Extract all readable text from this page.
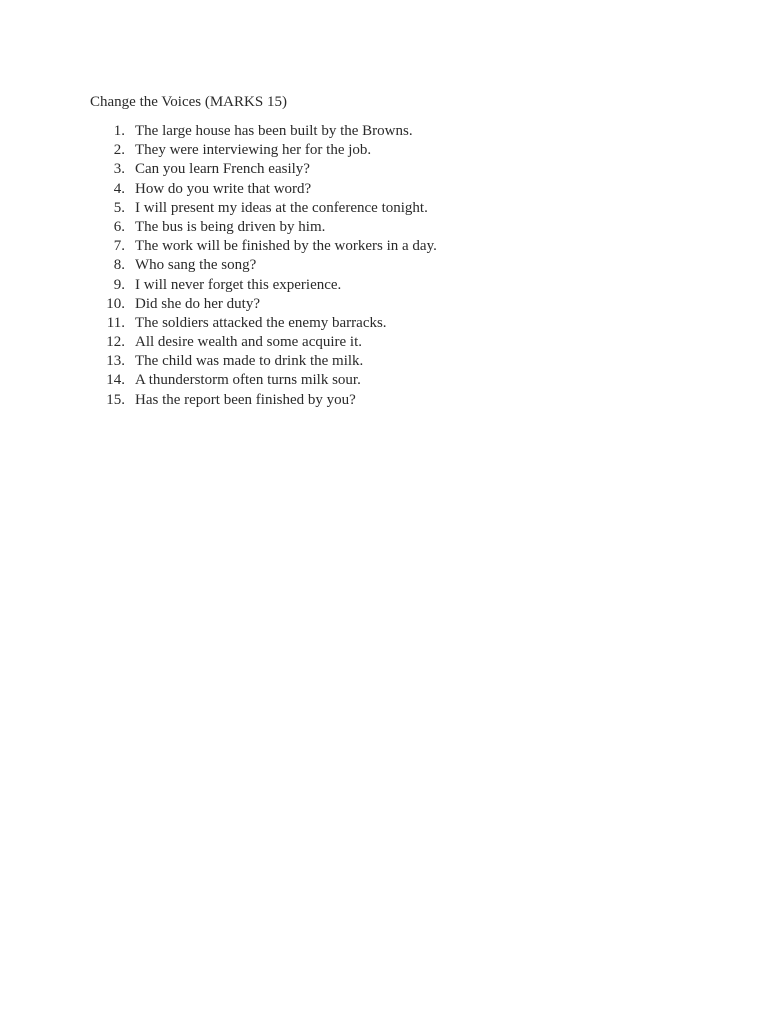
Change the Voices (MARKS 15)
1. The large house has been built by the Browns.
2. They were interviewing her for the job.
3. Can you learn French easily?
4. How do you write that word?
5. I will present my ideas at the conference tonight.
6. The bus is being driven by him.
7. The work will be finished by the workers in a day.
8. Who sang the song?
9. I will never forget this experience.
10. Did she do her duty?
11. The soldiers attacked the enemy barracks.
12. All desire wealth and some acquire it.
13. The child was made to drink the milk.
14. A thunderstorm often turns milk sour.
15. Has the report been finished by you?
